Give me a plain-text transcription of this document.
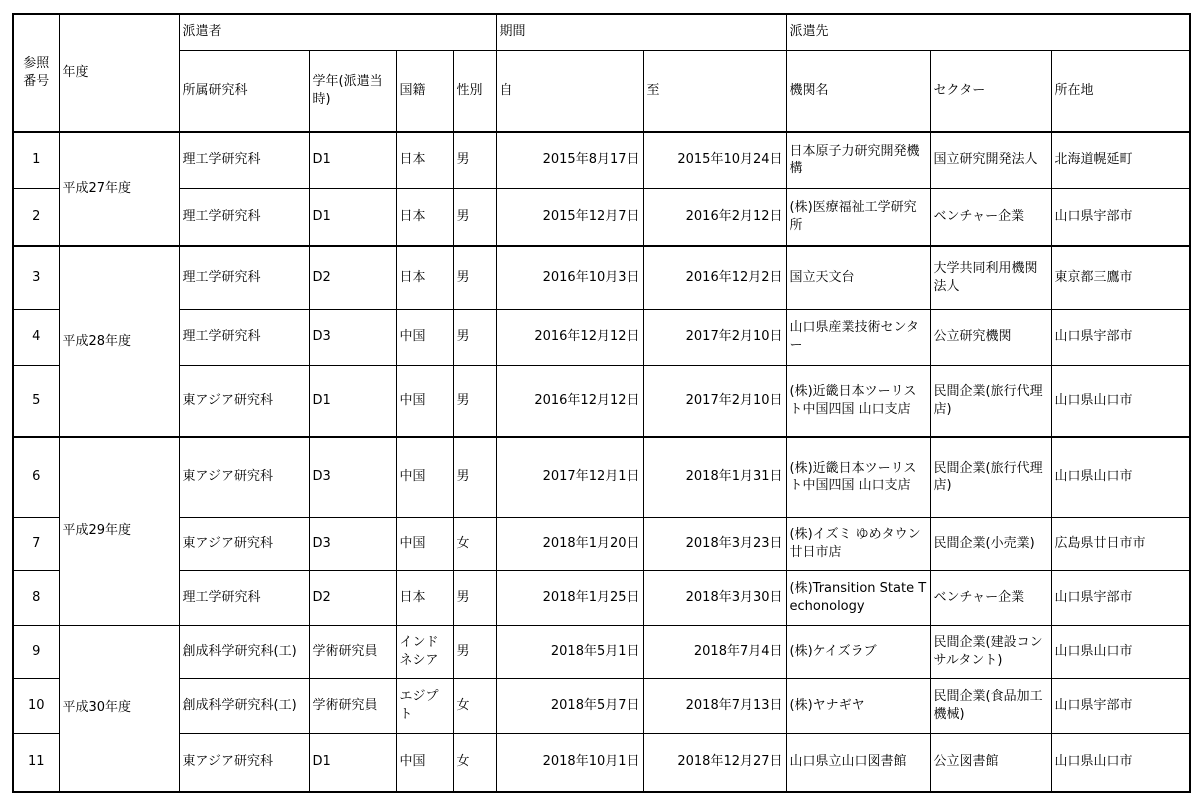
参照
番号	年度	派遣者				期間		派遣先		
		所属研究科	学年(派遣当時)	国籍	性別	自	至	機関名	セクター	所在地
1	平成27年度	理工学研究科	D1	日本	男	2015年8月17日	2015年10月24日	日本原子力研究開発機構	国立研究開発法人	北海道幌延町
2		理工学研究科	D1	日本	男	2015年12月7日	2016年2月12日	(株)医療福祉工学研究所	ベンチャー企業	山口県宇部市
3	平成28年度	理工学研究科	D2	日本	男	2016年10月3日	2016年12月2日	国立天文台	大学共同利用機関法人	東京都三鷹市
4		理工学研究科	D3	中国	男	2016年12月12日	2017年2月10日	山口県産業技術センター	公立研究機関	山口県宇部市
5		東アジア研究科	D1	中国	男	2016年12月12日	2017年2月10日	(株)近畿日本ツーリスト中国四国 山口支店	民間企業(旅行代理店)	山口県山口市
6	平成29年度	東アジア研究科	D3	中国	男	2017年12月1日	2018年1月31日	(株)近畿日本ツーリスト中国四国 山口支店	民間企業(旅行代理店)	山口県山口市
7		東アジア研究科	D3	中国	女	2018年1月20日	2018年3月23日	(株)イズミ ゆめタウン廿日市店	民間企業(小売業)	広島県廿日市市
8		理工学研究科	D2	日本	男	2018年1月25日	2018年3月30日	(株)Transition State Techonology	ベンチャー企業	山口県宇部市
9	平成30年度	創成科学研究科(工)	学術研究員	インドネシア	男	2018年5月1日	2018年7月4日	(株)ケイズラブ	民間企業(建設コンサルタント)	山口県山口市
10		創成科学研究科(工)	学術研究員	エジプト	女	2018年5月7日	2018年7月13日	(株)ヤナギヤ	民間企業(食品加工機械)	山口県宇部市
11		東アジア研究科	D1	中国	女	2018年10月1日	2018年12月27日	山口県立山口図書館	公立図書館	山口県山口市
